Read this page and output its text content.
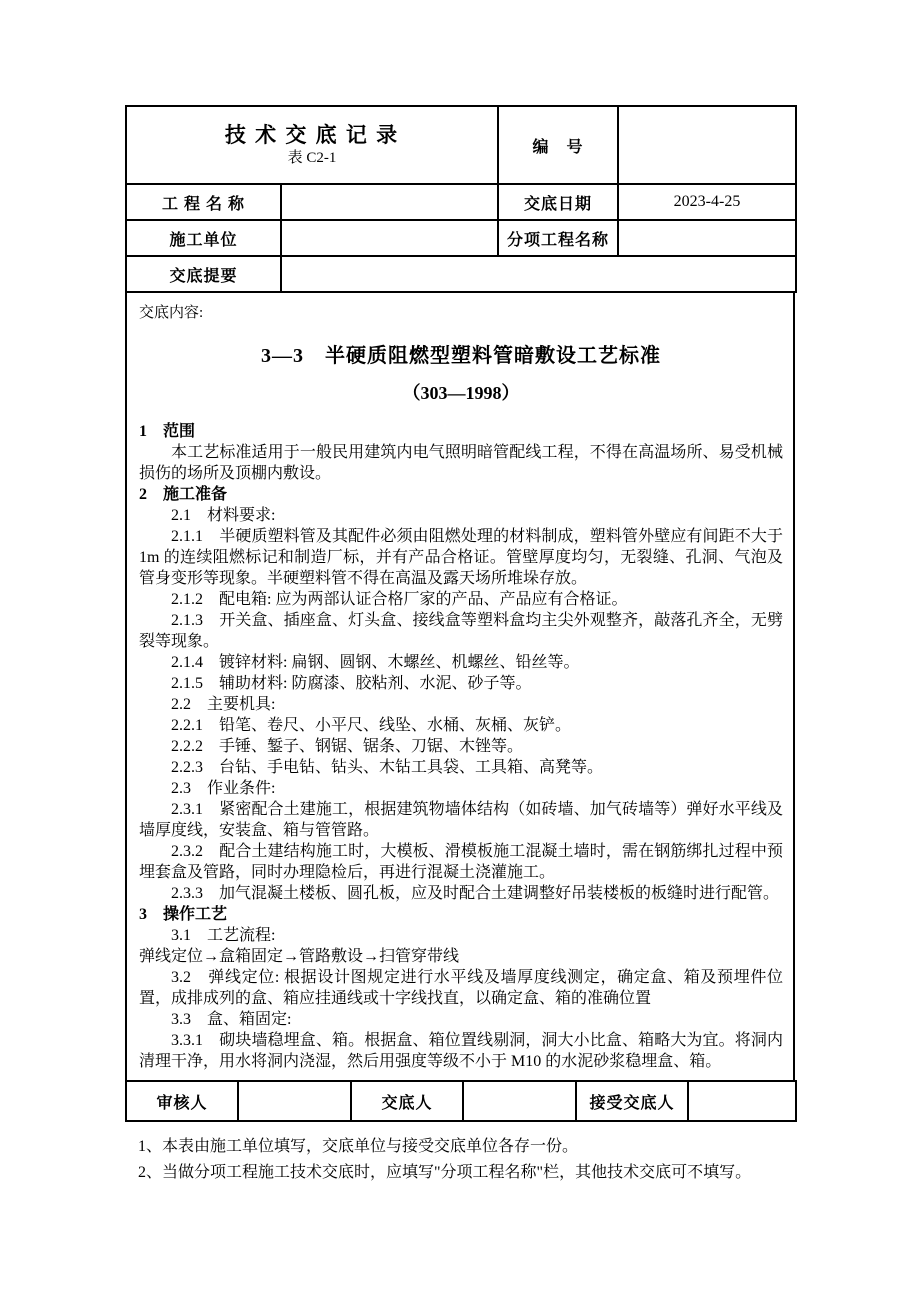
技 术 交 底 记 录
表 C2-1		编　号	
工 程 名 称		交底日期	2023-4-25
施工单位		分项工程名称	
交底提要			
交底内容:
3—3　半硬质阻燃型塑料管暗敷设工艺标准
（303—1998）
1　范围
本工艺标准适用于一般民用建筑内电气照明暗管配线工程，不得在高温场所、易受机械损伤的场所及顶棚内敷设。
2　施工准备
2.1　材料要求:
2.1.1　半硬质塑料管及其配件必须由阻燃处理的材料制成，塑料管外壁应有间距不大于1m 的连续阻燃标记和制造厂标，并有产品合格证。管壁厚度均匀，无裂缝、孔洞、气泡及管身变形等现象。半硬塑料管不得在高温及露天场所堆垛存放。
2.1.2　配电箱: 应为两部认证合格厂家的产品、产品应有合格证。
2.1.3　开关盒、插座盒、灯头盒、接线盒等塑料盒均主尖外观整齐，敲落孔齐全，无劈裂等现象。
2.1.4　镀锌材料: 扁钢、圆钢、木螺丝、机螺丝、铅丝等。
2.1.5　辅助材料: 防腐漆、胶粘剂、水泥、砂子等。
2.2　主要机具:
2.2.1　铅笔、卷尺、小平尺、线坠、水桶、灰桶、灰铲。
2.2.2　手锤、錾子、钢锯、锯条、刀锯、木锉等。
2.2.3　台钻、手电钻、钻头、木钻工具袋、工具箱、高凳等。
2.3　作业条件:
2.3.1　紧密配合土建施工，根据建筑物墙体结构（如砖墙、加气砖墙等）弹好水平线及墙厚度线，安装盒、箱与管管路。
2.3.2　配合土建结构施工时，大模板、滑模板施工混凝土墙时，需在钢筋绑扎过程中预埋套盒及管路，同时办理隐检后，再进行混凝土浇灌施工。
2.3.3　加气混凝土楼板、圆孔板，应及时配合土建调整好吊装楼板的板缝时进行配管。
3　操作工艺
3.1　工艺流程:
弹线定位→盒箱固定→管路敷设→扫管穿带线
3.2　弹线定位: 根据设计图规定进行水平线及墙厚度线测定，确定盒、箱及预埋件位置，成排成列的盒、箱应挂通线或十字线找直，以确定盒、箱的准确位置
3.3　盒、箱固定:
3.3.1　砌块墙稳埋盒、箱。根据盒、箱位置线剔洞，洞大小比盒、箱略大为宜。将洞内清理干净，用水将洞内浇湿，然后用强度等级不小于 M10 的水泥砂浆稳埋盒、箱。
审核人		交底人		接受交底人	
1、本表由施工单位填写，交底单位与接受交底单位各存一份。
2、当做分项工程施工技术交底时，应填写"分项工程名称"栏，其他技术交底可不填写。
